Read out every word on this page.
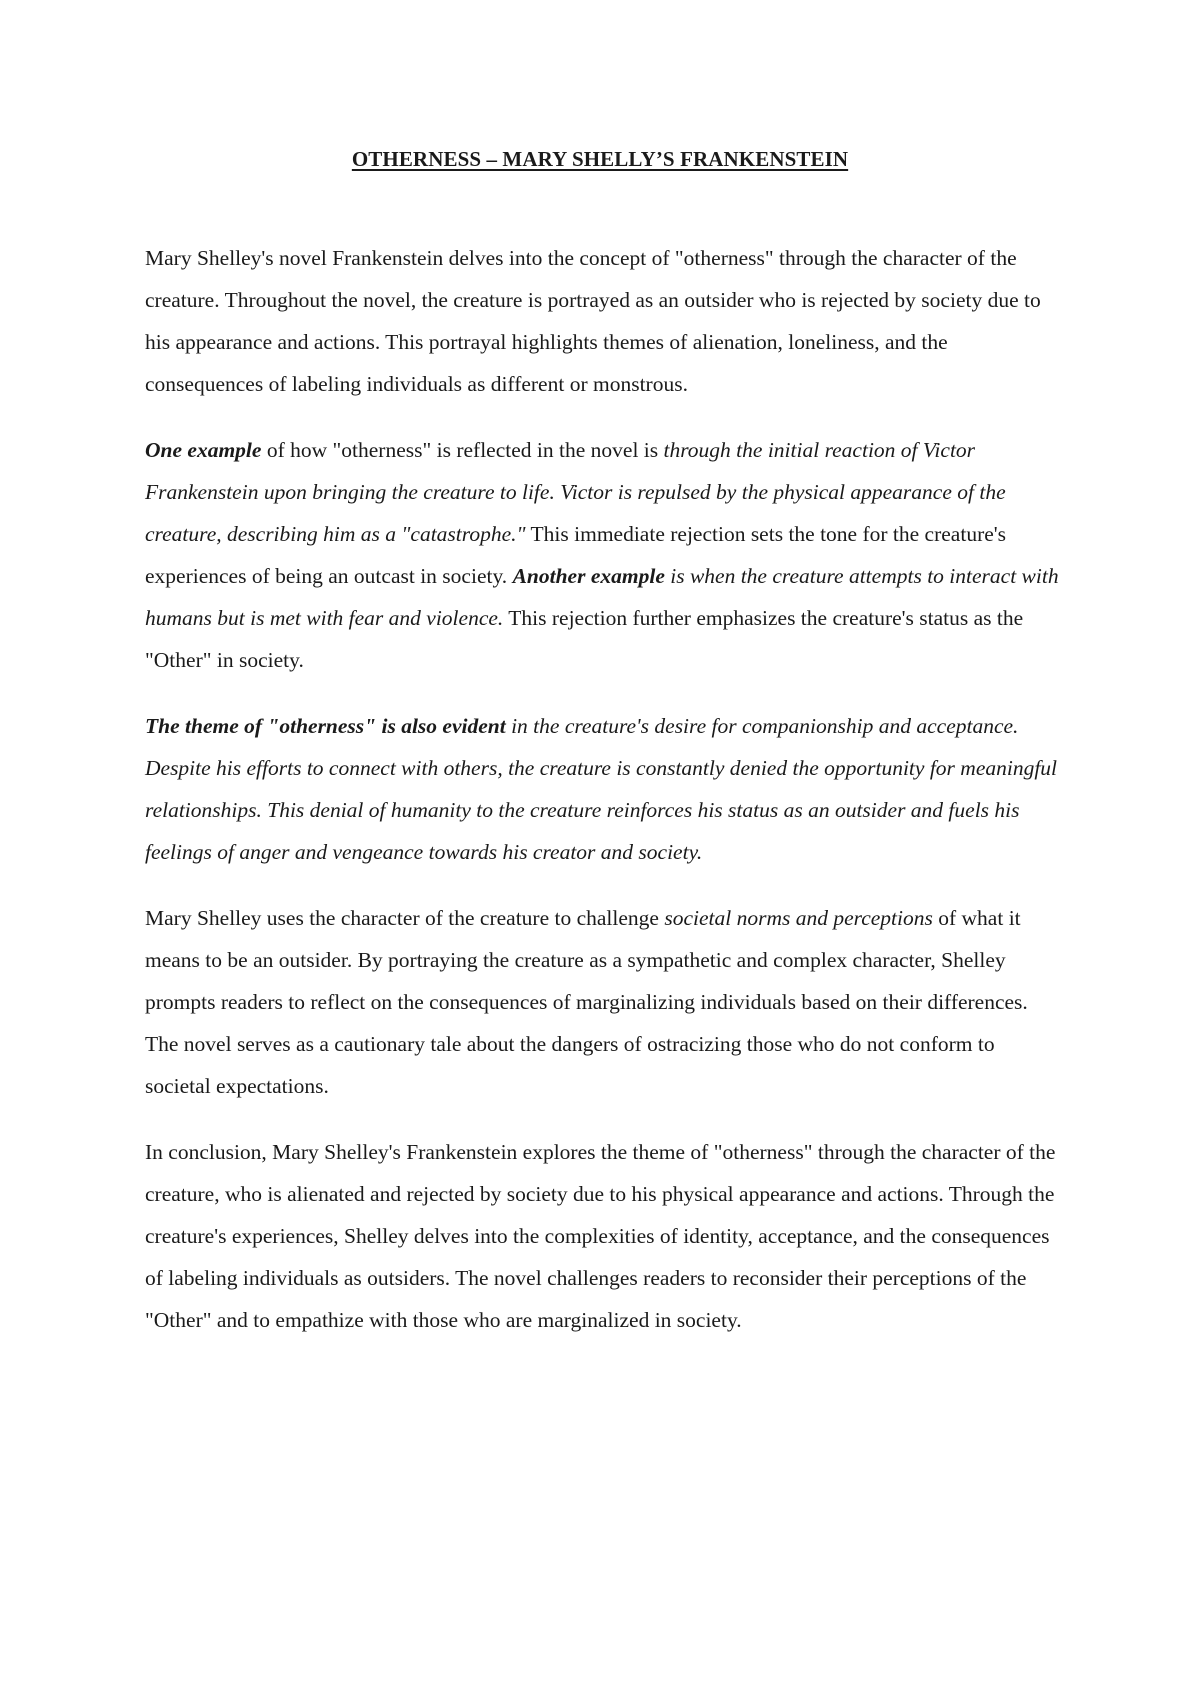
OTHERNESS – MARY SHELLY’S FRANKENSTEIN

Mary Shelley's novel Frankenstein delves into the concept of "otherness" through the character of the creature. Throughout the novel, the creature is portrayed as an outsider who is rejected by society due to his appearance and actions. This portrayal highlights themes of alienation, loneliness, and the consequences of labeling individuals as different or monstrous.

One example of how "otherness" is reflected in the novel is through the initial reaction of Victor Frankenstein upon bringing the creature to life. Victor is repulsed by the physical appearance of the creature, describing him as a "catastrophe." This immediate rejection sets the tone for the creature's experiences of being an outcast in society. Another example is when the creature attempts to interact with humans but is met with fear and violence. This rejection further emphasizes the creature's status as the "Other" in society.

The theme of "otherness" is also evident in the creature's desire for companionship and acceptance. Despite his efforts to connect with others, the creature is constantly denied the opportunity for meaningful relationships. This denial of humanity to the creature reinforces his status as an outsider and fuels his feelings of anger and vengeance towards his creator and society.

Mary Shelley uses the character of the creature to challenge societal norms and perceptions of what it means to be an outsider. By portraying the creature as a sympathetic and complex character, Shelley prompts readers to reflect on the consequences of marginalizing individuals based on their differences. The novel serves as a cautionary tale about the dangers of ostracizing those who do not conform to societal expectations.

In conclusion, Mary Shelley's Frankenstein explores the theme of "otherness" through the character of the creature, who is alienated and rejected by society due to his physical appearance and actions. Through the creature's experiences, Shelley delves into the complexities of identity, acceptance, and the consequences of labeling individuals as outsiders. The novel challenges readers to reconsider their perceptions of the "Other" and to empathize with those who are marginalized in society.
